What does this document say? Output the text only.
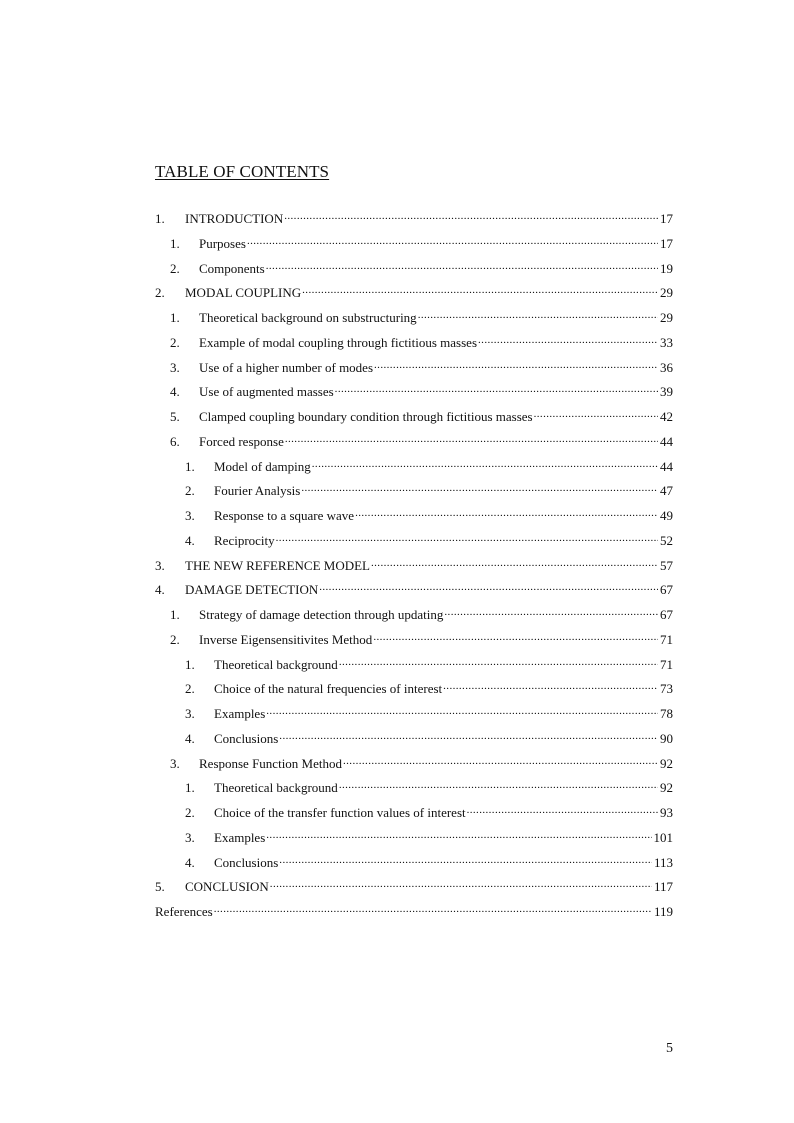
TABLE OF CONTENTS
1.	INTRODUCTION .....	17
1.	Purposes .....	17
2.	Components .....	19
2.	MODAL COUPLING .....	29
1.	Theoretical background on substructuring .....	29
2.	Example of modal coupling through fictitious masses .....	33
3.	Use of a higher number of modes .....	36
4.	Use of augmented masses .....	39
5.	Clamped coupling boundary condition through fictitious masses .....	42
6.	Forced response .....	44
1.	Model of damping .....	44
2.	Fourier Analysis .....	47
3.	Response to a square wave .....	49
4.	Reciprocity .....	52
3.	THE NEW REFERENCE MODEL .....	57
4.	DAMAGE DETECTION .....	67
1.	Strategy of damage detection through updating .....	67
2.	Inverse Eigensensitivites Method .....	71
1.	Theoretical background .....	71
2.	Choice of the natural frequencies of interest .....	73
3.	Examples .....	78
4.	Conclusions .....	90
3.	Response Function Method .....	92
1.	Theoretical background .....	92
2.	Choice of the transfer function values of interest .....	93
3.	Examples .....	101
4.	Conclusions .....	113
5.	CONCLUSION .....	117
References .....	119
5
